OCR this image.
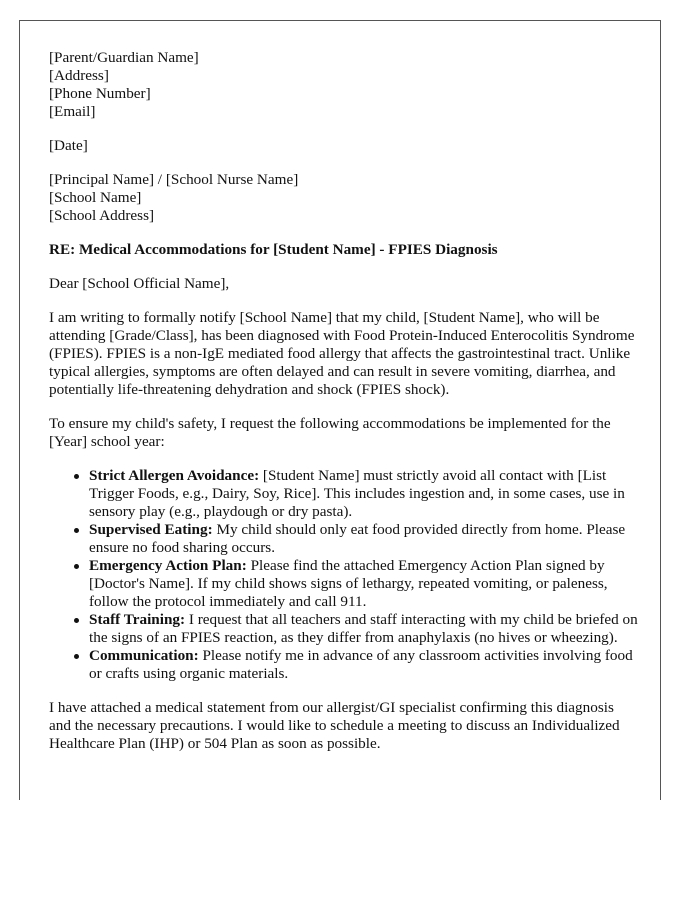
[Parent/Guardian Name]
[Address]
[Phone Number]
[Email]

[Date]

[Principal Name] / [School Nurse Name]
[School Name]
[School Address]

RE: Medical Accommodations for [Student Name] - FPIES Diagnosis

Dear [School Official Name],

I am writing to formally notify [School Name] that my child, [Student Name], who will be attending [Grade/Class], has been diagnosed with Food Protein-Induced Enterocolitis Syndrome (FPIES). FPIES is a non-IgE mediated food allergy that affects the gastrointestinal tract. Unlike typical allergies, symptoms are often delayed and can result in severe vomiting, diarrhea, and potentially life-threatening dehydration and shock (FPIES shock).

To ensure my child's safety, I request the following accommodations be implemented for the [Year] school year:

Strict Allergen Avoidance: [Student Name] must strictly avoid all contact with [List Trigger Foods, e.g., Dairy, Soy, Rice]. This includes ingestion and, in some cases, use in sensory play (e.g., playdough or dry pasta).
Supervised Eating: My child should only eat food provided directly from home. Please ensure no food sharing occurs.
Emergency Action Plan: Please find the attached Emergency Action Plan signed by [Doctor's Name]. If my child shows signs of lethargy, repeated vomiting, or paleness, follow the protocol immediately and call 911.
Staff Training: I request that all teachers and staff interacting with my child be briefed on the signs of an FPIES reaction, as they differ from anaphylaxis (no hives or wheezing).
Communication: Please notify me in advance of any classroom activities involving food or crafts using organic materials.

I have attached a medical statement from our allergist/GI specialist confirming this diagnosis and the necessary precautions. I would like to schedule a meeting to discuss an Individualized Healthcare Plan (IHP) or 504 Plan as soon as possible.
